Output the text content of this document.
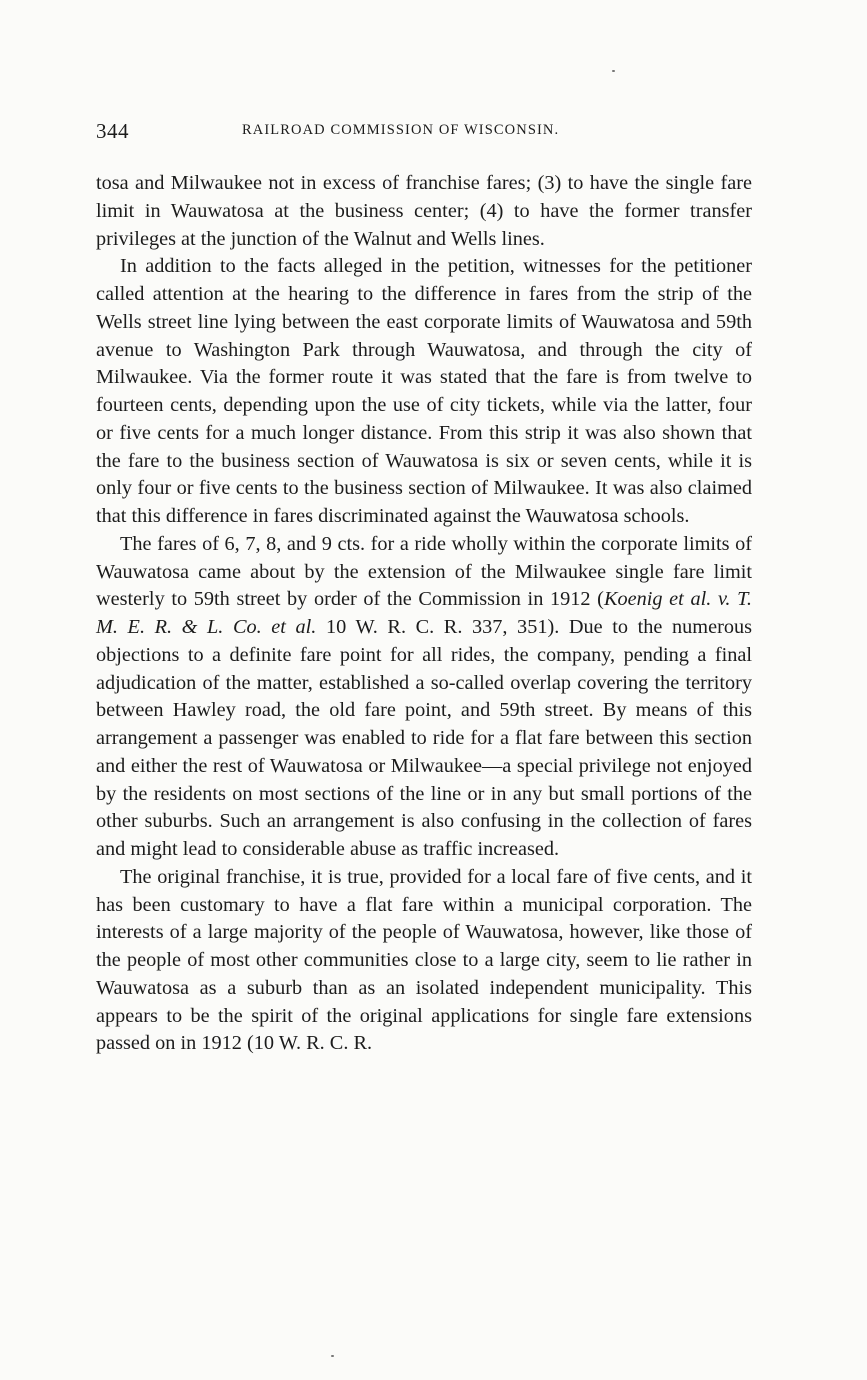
344	RAILROAD COMMISSION OF WISCONSIN.

tosa and Milwaukee not in excess of franchise fares; (3) to have the single fare limit in Wauwatosa at the business center; (4) to have the former transfer privileges at the junction of the Walnut and Wells lines.

In addition to the facts alleged in the petition, witnesses for the petitioner called attention at the hearing to the difference in fares from the strip of the Wells street line lying between the east corporate limits of Wauwatosa and 59th avenue to Washington Park through Wauwatosa, and through the city of Milwaukee. Via the former route it was stated that the fare is from twelve to fourteen cents, depending upon the use of city tickets, while via the latter, four or five cents for a much longer distance. From this strip it was also shown that the fare to the business section of Wauwatosa is six or seven cents, while it is only four or five cents to the business section of Milwaukee. It was also claimed that this difference in fares discriminated against the Wauwatosa schools.

The fares of 6, 7, 8, and 9 cts. for a ride wholly within the corporate limits of Wauwatosa came about by the extension of the Milwaukee single fare limit westerly to 59th street by order of the Commission in 1912 (Koenig et al. v. T. M. E. R. & L. Co. et al. 10 W. R. C. R. 337, 351). Due to the numerous objections to a definite fare point for all rides, the company, pending a final adjudication of the matter, established a so-called overlap covering the territory between Hawley road, the old fare point, and 59th street. By means of this arrangement a passenger was enabled to ride for a flat fare between this section and either the rest of Wauwatosa or Milwaukee—a special privilege not enjoyed by the residents on most sections of the line or in any but small portions of the other suburbs. Such an arrangement is also confusing in the collection of fares and might lead to considerable abuse as traffic increased.

The original franchise, it is true, provided for a local fare of five cents, and it has been customary to have a flat fare within a municipal corporation. The interests of a large majority of the people of Wauwatosa, however, like those of the people of most other communities close to a large city, seem to lie rather in Wauwatosa as a suburb than as an isolated independent municipality. This appears to be the spirit of the original applications for single fare extensions passed on in 1912 (10 W. R. C. R.
